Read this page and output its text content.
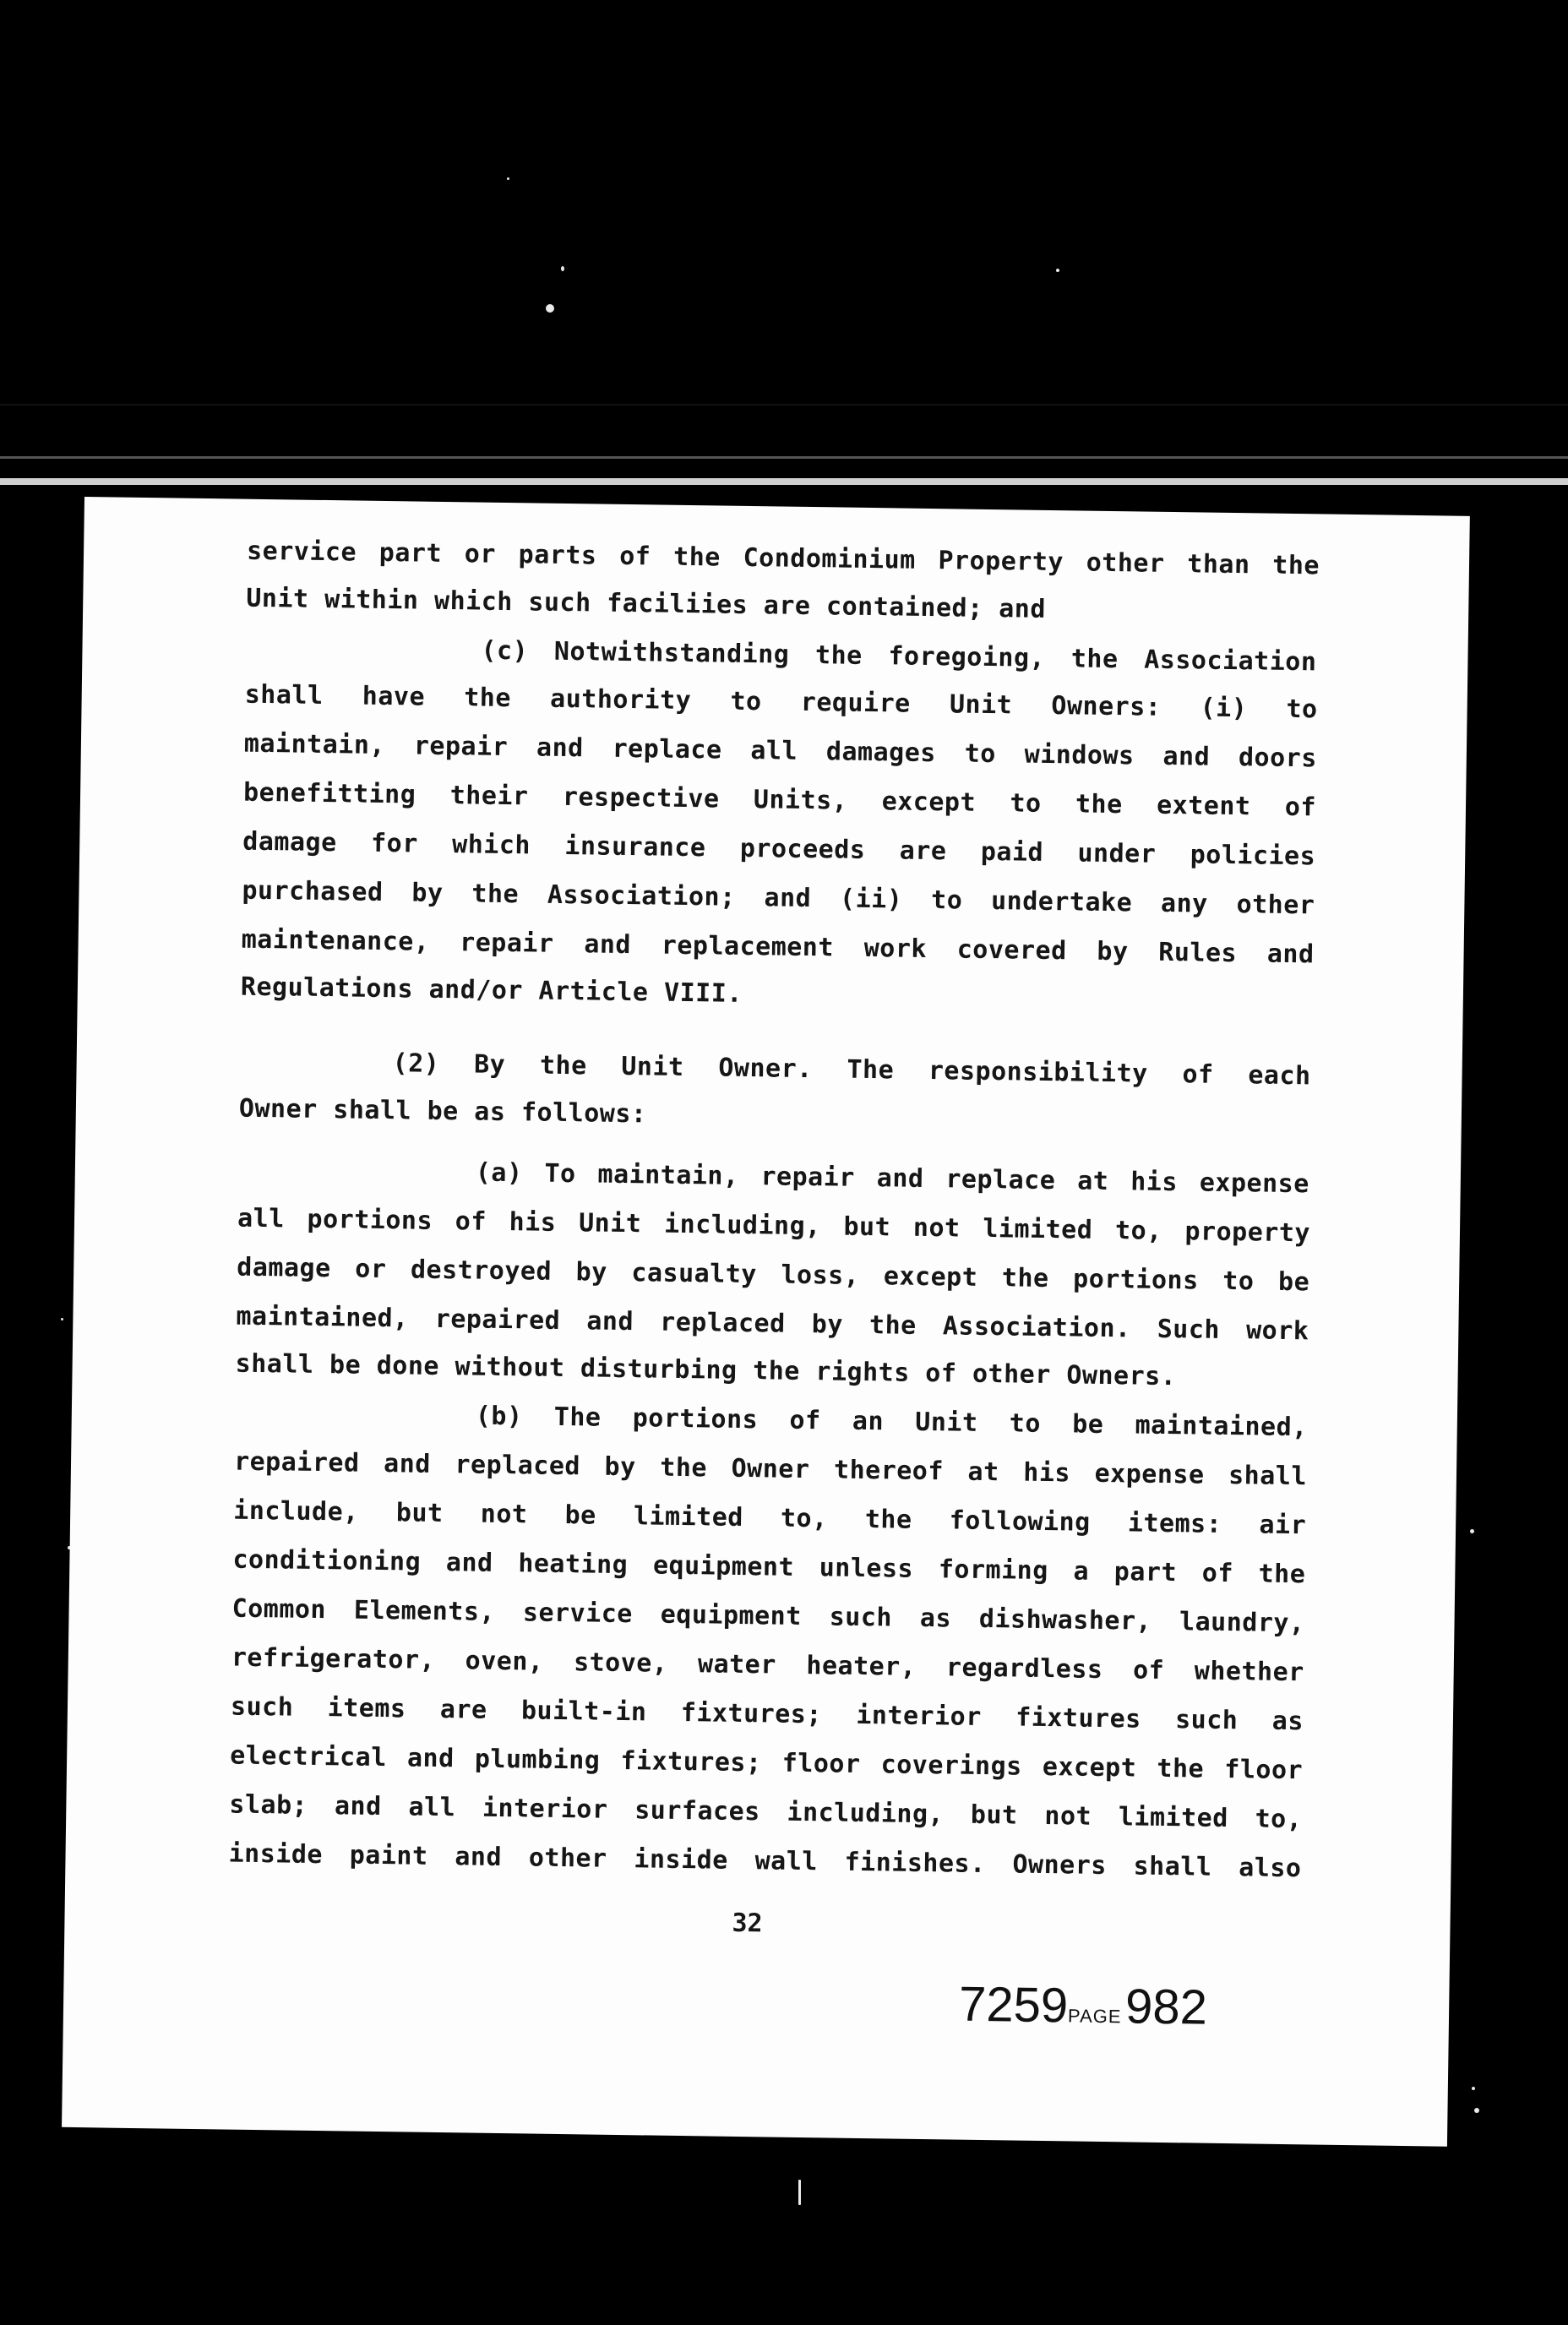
service part or parts of the Condominium Property other than the
Unit within which such faciliies are contained; and
(c) Notwithstanding the foregoing, the Association
shall have the authority to require Unit Owners: (i) to
maintain, repair and replace all damages to windows and doors
benefitting their respective Units, except to the extent of
damage for which insurance proceeds are paid under policies
purchased by the Association; and (ii) to undertake any other
maintenance, repair and replacement work covered by Rules and
Regulations and/or Article VIII.
(2) By the Unit Owner. The responsibility of each
Owner shall be as follows:
(a) To maintain, repair and replace at his expense
all portions of his Unit including, but not limited to, property
damage or destroyed by casualty loss, except the portions to be
maintained, repaired and replaced by the Association. Such work
shall be done without disturbing the rights of other Owners.
(b) The portions of an Unit to be maintained,
repaired and replaced by the Owner thereof at his expense shall
include, but not be limited to, the following items: air
conditioning and heating equipment unless forming a part of the
Common Elements, service equipment such as dishwasher, laundry,
refrigerator, oven, stove, water heater, regardless of whether
such items are built-in fixtures; interior fixtures such as
electrical and plumbing fixtures; floor coverings except the floor
slab; and all interior surfaces including, but not limited to,
inside paint and other inside wall finishes. Owners shall also
32
7259PAGE 982
